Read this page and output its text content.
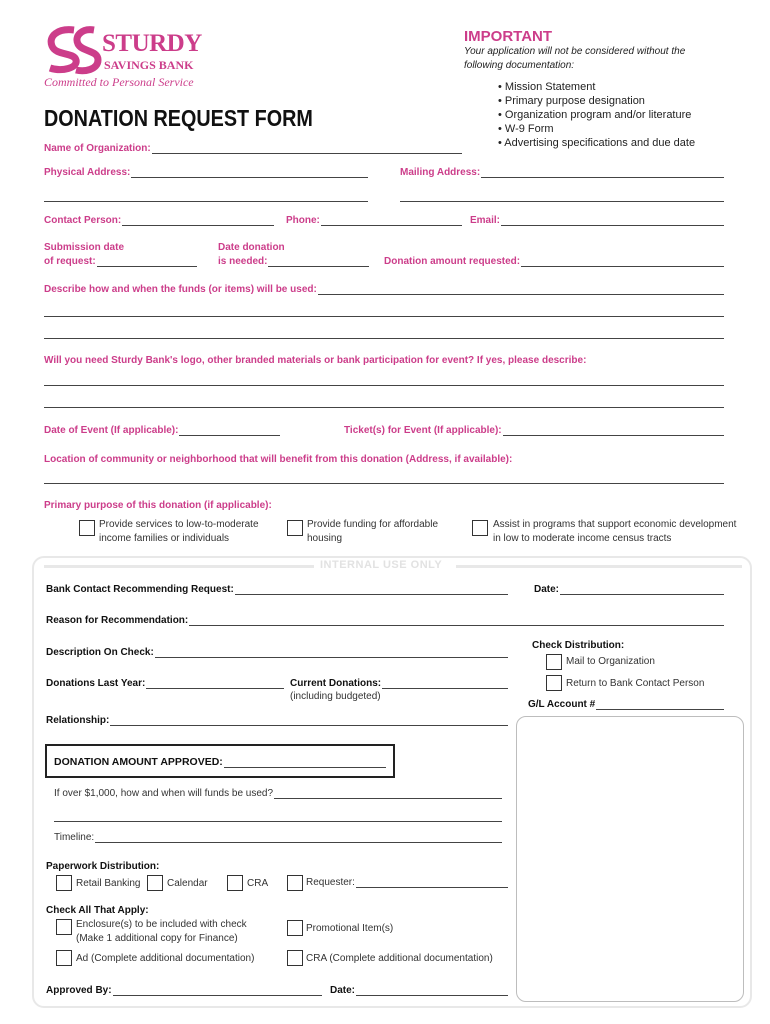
STURDY
SAVINGS BANK
Committed to Personal Service
DONATION REQUEST FORM
IMPORTANT
Your application will not be considered without the
following documentation:
• Mission Statement
• Primary purpose designation
• Organization program and/or literature
• W-9 Form
• Advertising specifications and due date
Name of Organization:
Physical Address:	Mailing Address:
Contact Person:	Phone:	Email:
Submission date
of request:
Date donation
is needed:	Donation amount requested:
Describe how and when the funds (or items) will be used:
Will you need Sturdy Bank's logo, other branded materials or bank participation for event? If yes, please describe:
Date of Event (If applicable):	Ticket(s) for Event (If applicable):
Location of community or neighborhood that will benefit from this donation (Address, if available):
Primary purpose of this donation (if applicable):
Provide services to low-to-moderate
income families or individuals
Provide funding for affordable
housing
Assist in programs that support economic development
in low to moderate income census tracts
INTERNAL USE ONLY
Bank Contact Recommending Request:	Date:
Reason for Recommendation:
Description On Check:
Check Distribution:
Mail to Organization
Return to Bank Contact Person
Donations Last Year:	Current Donations:
(including budgeted)
G/L Account #
Relationship:
DONATION AMOUNT APPROVED:
If over $1,000, how and when will funds be used?
Timeline:
Paperwork Distribution:
Retail Banking	Calendar	CRA	Requester:
Check All That Apply:
Enclosure(s) to be included with check
(Make 1 additional copy for Finance)
Promotional Item(s)
Ad (Complete additional documentation)	CRA (Complete additional documentation)
Approved By:	Date:
